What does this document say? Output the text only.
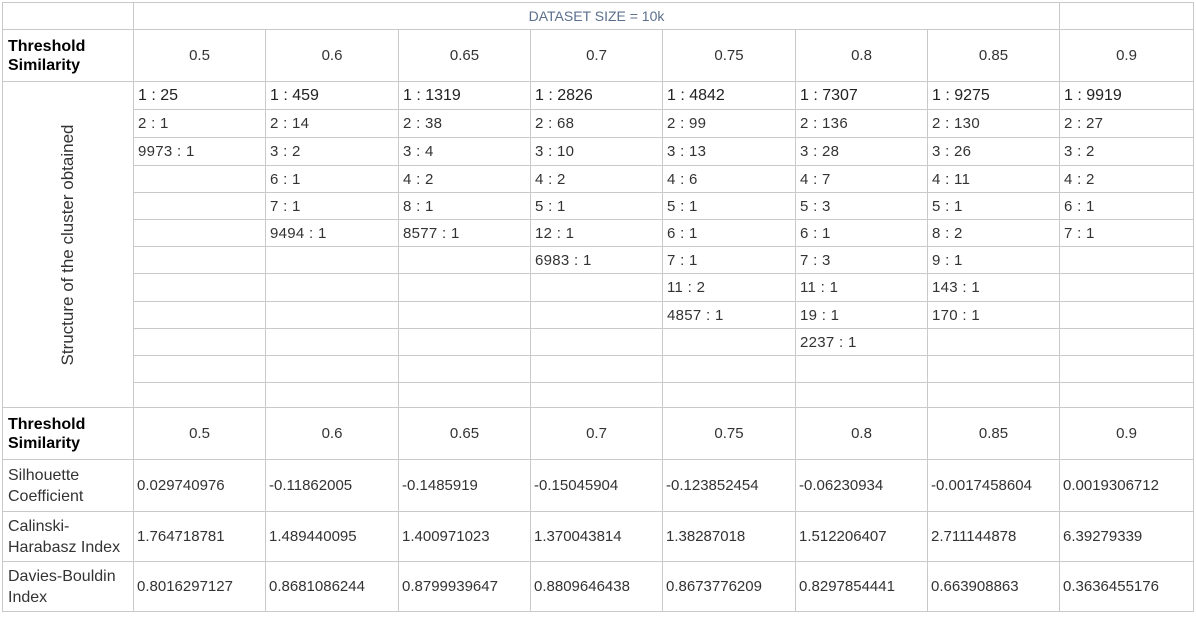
	DATASET SIZE = 10k							
Threshold Similarity	0.5	0.6	0.65	0.7	0.75	0.8	0.85	0.9

Structure of the cluster obtained	1 : 25	1 : 459	1 : 1319	1 : 2826	1 : 4842	1 : 7307	1 : 9275	1 : 9919
	2 : 1	2 : 14	2 : 38	2 : 68	2 : 99	2 : 136	2 : 130	2 : 27
	9973 : 1	3 : 2	3 : 4	3 : 10	3 : 13	3 : 28	3 : 26	3 : 2
		6 : 1	4 : 2	4 : 2	4 : 6	4 : 7	4 : 11	4 : 2
		7 : 1	8 : 1	5 : 1	5 : 1	5 : 3	5 : 1	6 : 1
		9494 : 1	8577 : 1	12 : 1	6 : 1	6 : 1	8 : 2	7 : 1
				6983 : 1	7 : 1	7 : 3	9 : 1	
					11 : 2	11 : 1	143 : 1	
					4857 : 1	19 : 1	170 : 1	
						2237 : 1		

Threshold Similarity	0.5	0.6	0.65	0.7	0.75	0.8	0.85	0.9
Silhouette Coefficient	0.029740976	-0.11862005	-0.1485919	-0.15045904	-0.123852454	-0.06230934	-0.0017458604	0.0019306712
Calinski-Harabasz Index	1.764718781	1.489440095	1.400971023	1.370043814	1.38287018	1.512206407	2.711144878	6.39279339
Davies-Bouldin Index	0.8016297127	0.8681086244	0.8799939647	0.8809646438	0.8673776209	0.8297854441	0.663908863	0.3636455176
